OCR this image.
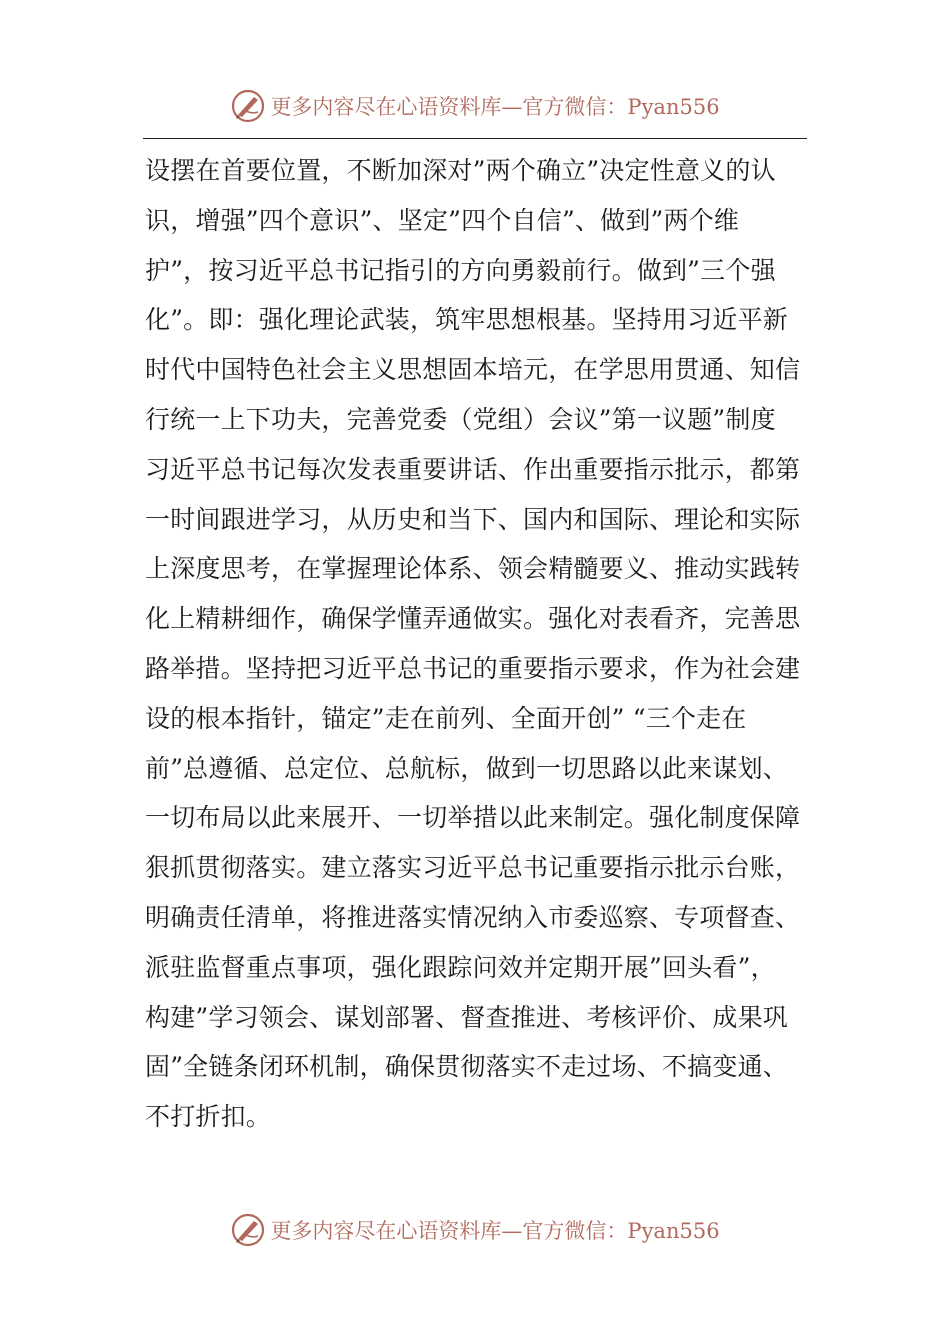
更多内容尽在心语资料库—官方微信：Pyan556
设摆在首要位置，不断加深对”两个确立”决定性意义的认
识，增强”四个意识”、坚定”四个自信”、做到”两个维
护”，按习近平总书记指引的方向勇毅前行。做到”三个强
化”。即：强化理论武装，筑牢思想根基。坚持用习近平新
时代中国特色社会主义思想固本培元，在学思用贯通、知信
行统一上下功夫，完善党委（党组）会议”第一议题”制度
习近平总书记每次发表重要讲话、作出重要指示批示，都第
一时间跟进学习，从历史和当下、国内和国际、理论和实际
上深度思考，在掌握理论体系、领会精髓要义、推动实践转
化上精耕细作，确保学懂弄通做实。强化对表看齐，完善思
路举措。坚持把习近平总书记的重要指示要求，作为社会建
设的根本指针，锚定”走在前列、全面开创” “三个走在
前”总遵循、总定位、总航标，做到一切思路以此来谋划、
一切布局以此来展开、一切举措以此来制定。强化制度保障
狠抓贯彻落实。建立落实习近平总书记重要指示批示台账，
明确责任清单，将推进落实情况纳入市委巡察、专项督查、
派驻监督重点事项，强化跟踪问效并定期开展”回头看”，
构建”学习领会、谋划部署、督查推进、考核评价、成果巩
固”全链条闭环机制，确保贯彻落实不走过场、不搞变通、
不打折扣。
更多内容尽在心语资料库—官方微信：Pyan556
